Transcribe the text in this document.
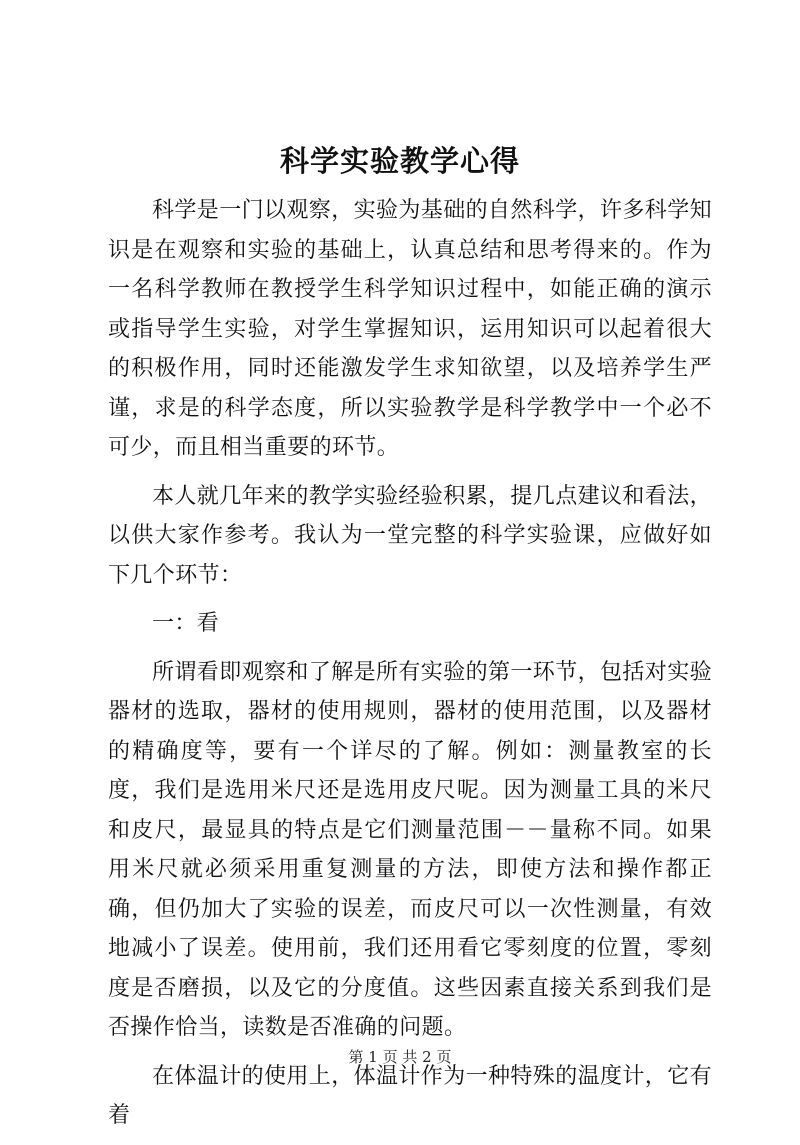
科学实验教学心得

科学是一门以观察，实验为基础的自然科学，许多科学知识是在观察和实验的基础上，认真总结和思考得来的。作为一名科学教师在教授学生科学知识过程中，如能正确的演示或指导学生实验，对学生掌握知识，运用知识可以起着很大的积极作用，同时还能激发学生求知欲望，以及培养学生严谨，求是的科学态度，所以实验教学是科学教学中一个必不可少，而且相当重要的环节。

本人就几年来的教学实验经验积累，提几点建议和看法，以供大家作参考。我认为一堂完整的科学实验课，应做好如下几个环节：

一：看

所谓看即观察和了解是所有实验的第一环节，包括对实验器材的选取，器材的使用规则，器材的使用范围，以及器材的精确度等，要有一个详尽的了解。例如：测量教室的长度，我们是选用米尺还是选用皮尺呢。因为测量工具的米尺和皮尺，最显具的特点是它们测量范围－－量称不同。如果用米尺就必须采用重复测量的方法，即使方法和操作都正确，但仍加大了实验的误差，而皮尺可以一次性测量，有效地减小了误差。使用前，我们还用看它零刻度的位置，零刻度是否磨损，以及它的分度值。这些因素直接关系到我们是否操作恰当，读数是否准确的问题。

在体温计的使用上，体温计作为一种特殊的温度计，它有着

第 1 页 共 2 页
